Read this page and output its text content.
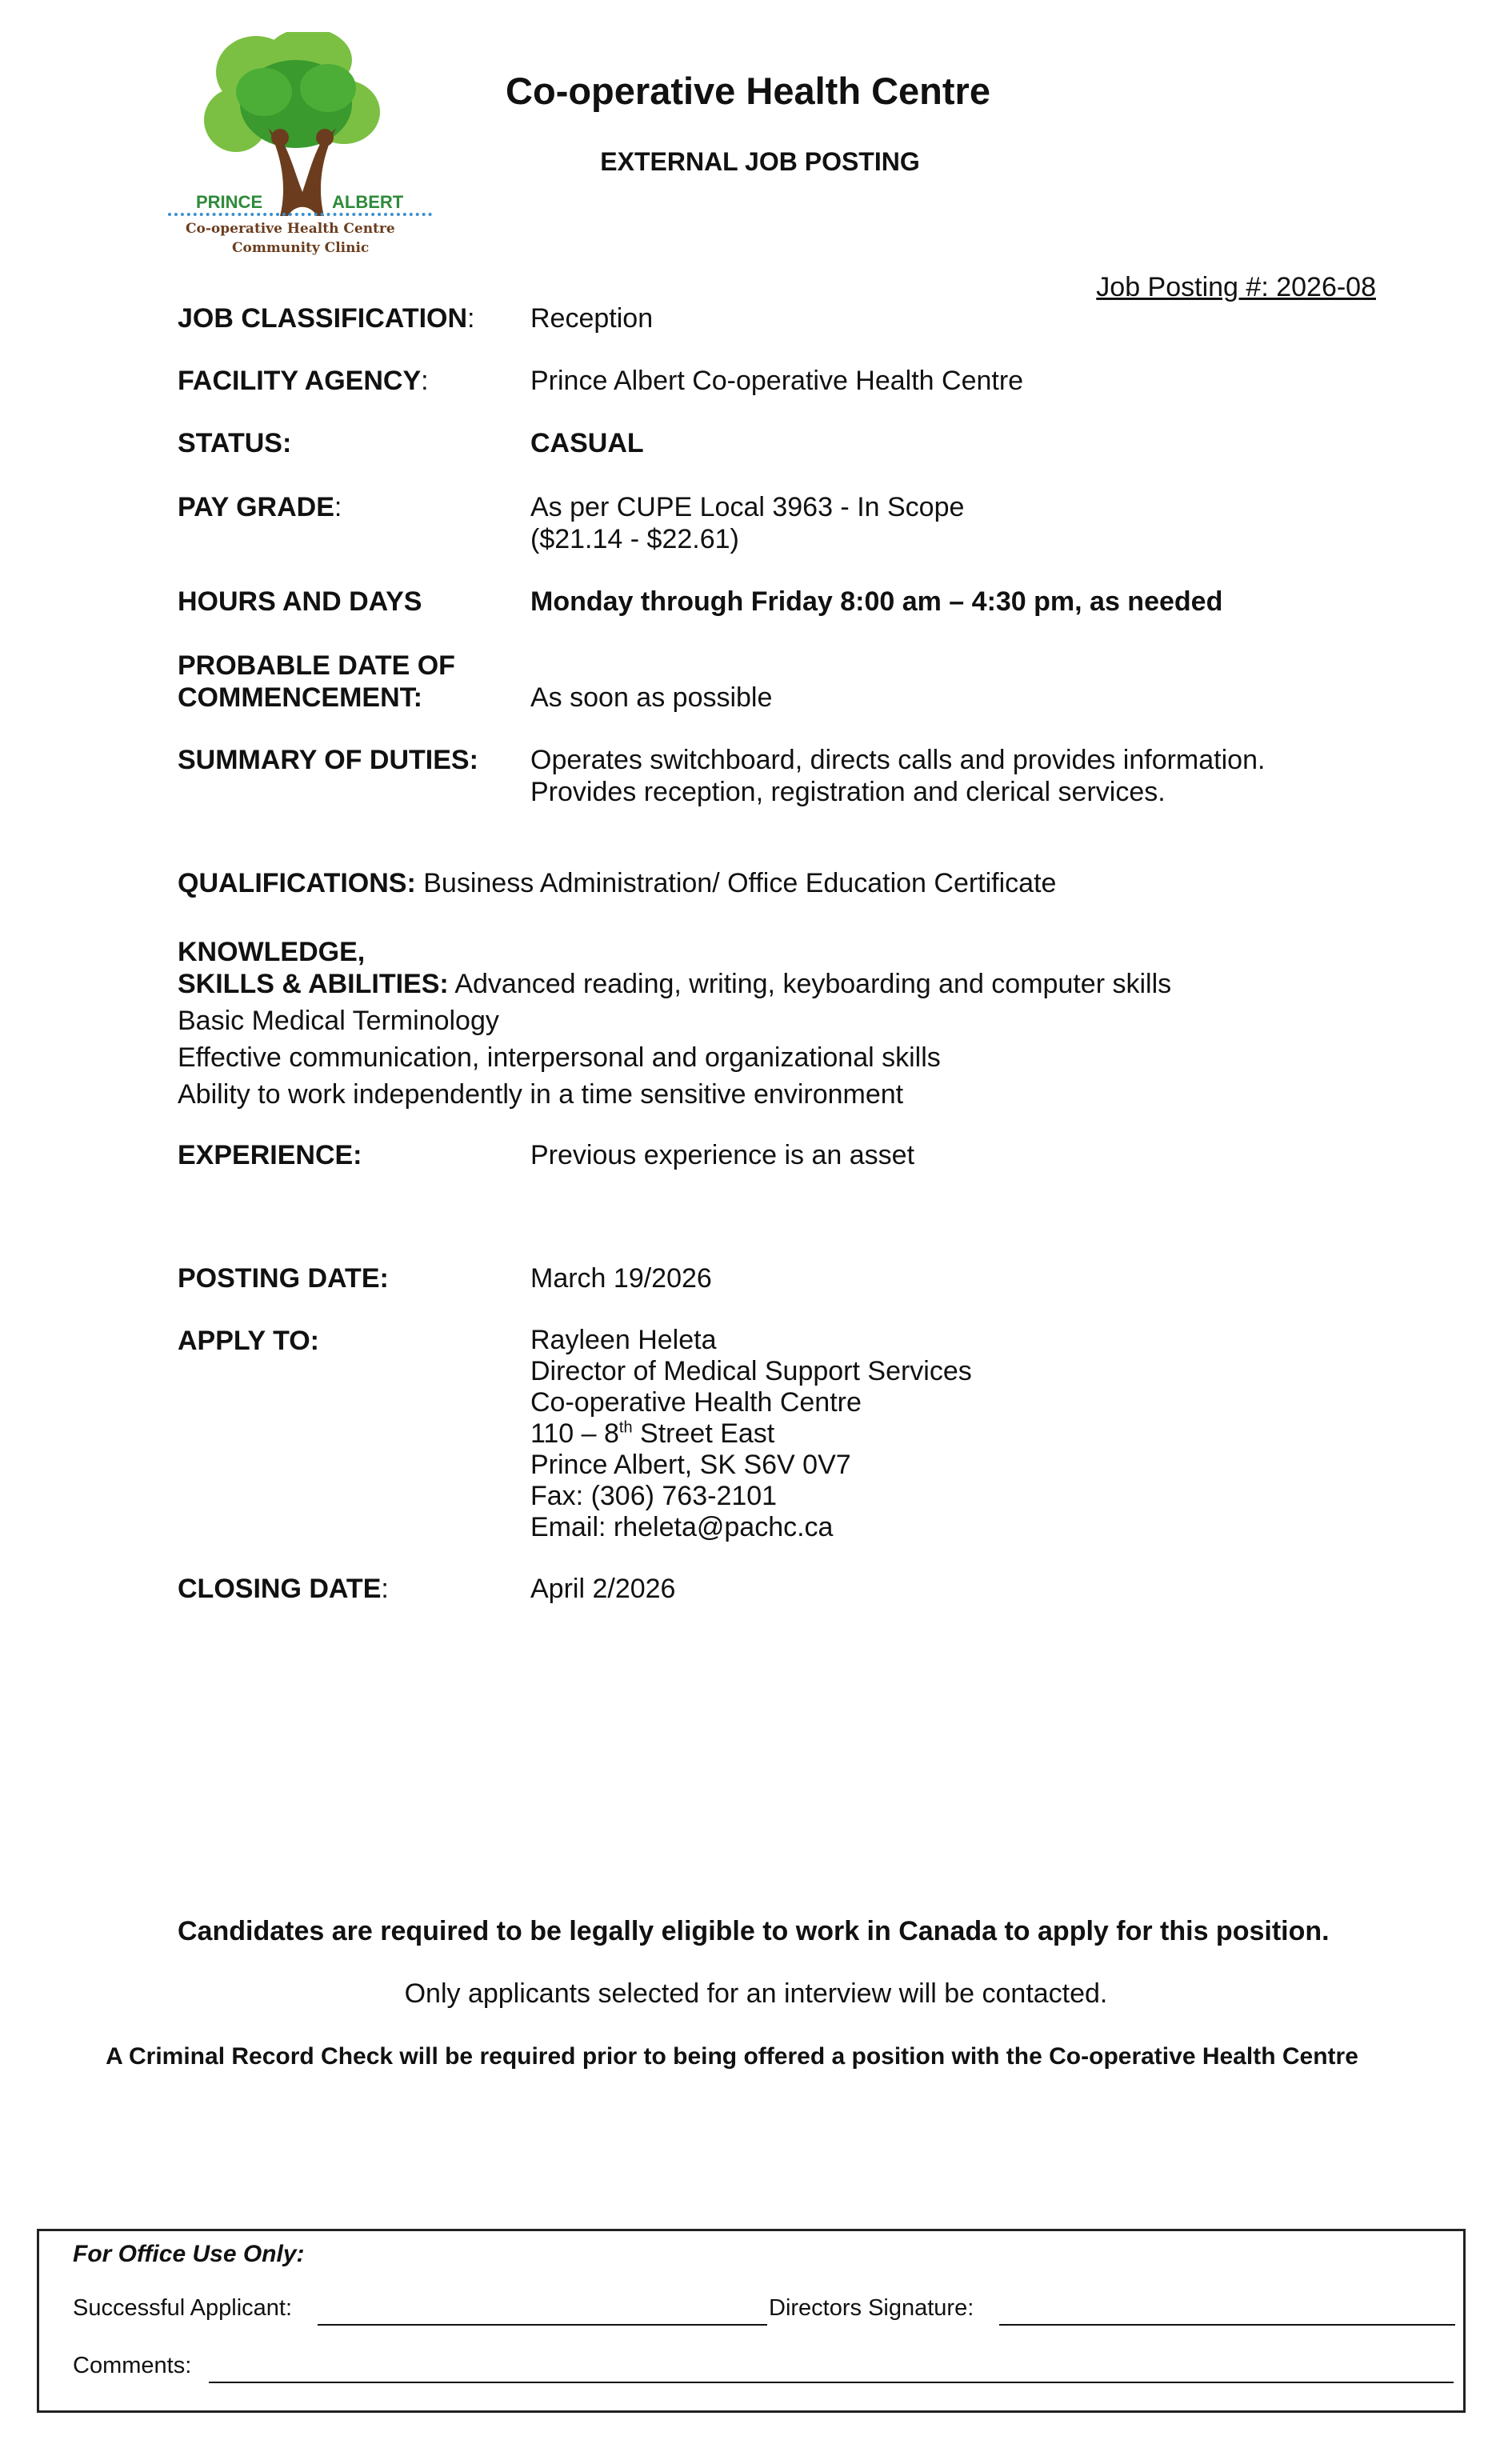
PRINCE	ALBERT
Co-operative Health Centre
Community Clinic
Co-operative Health Centre
EXTERNAL JOB POSTING
Job Posting #: 2026-08
JOB CLASSIFICATION: Reception
FACILITY AGENCY:	Prince Albert Co-operative Health Centre
STATUS:	CASUAL
PAY GRADE:	As per CUPE Local 3963 - In Scope
($21.14 - $22.61)
HOURS AND DAYS	Monday through Friday 8:00 am – 4:30 pm, as needed
PROBABLE DATE OF
COMMENCEMENT:	As soon as possible
SUMMARY OF DUTIES: Operates switchboard, directs calls and provides information.
Provides reception, registration and clerical services.
QUALIFICATIONS: Business Administration/ Office Education Certificate
KNOWLEDGE,
SKILLS & ABILITIES: Advanced reading, writing, keyboarding and computer skills
Basic Medical Terminology
Effective communication, interpersonal and organizational skills
Ability to work independently in a time sensitive environment
EXPERIENCE:	Previous experience is an asset
POSTING DATE:	March 19/2026
APPLY TO:	Rayleen Heleta
Director of Medical Support Services
Co-operative Health Centre
110 – 8th Street East
Prince Albert, SK S6V 0V7
Fax: (306) 763-2101
Email: rheleta@pachc.ca
CLOSING DATE:	April 2/2026
Candidates are required to be legally eligible to work in Canada to apply for this position.
Only applicants selected for an interview will be contacted.
A Criminal Record Check will be required prior to being offered a position with the Co-operative Health Centre
For Office Use Only:
Successful Applicant:	Directors Signature:
Comments:
